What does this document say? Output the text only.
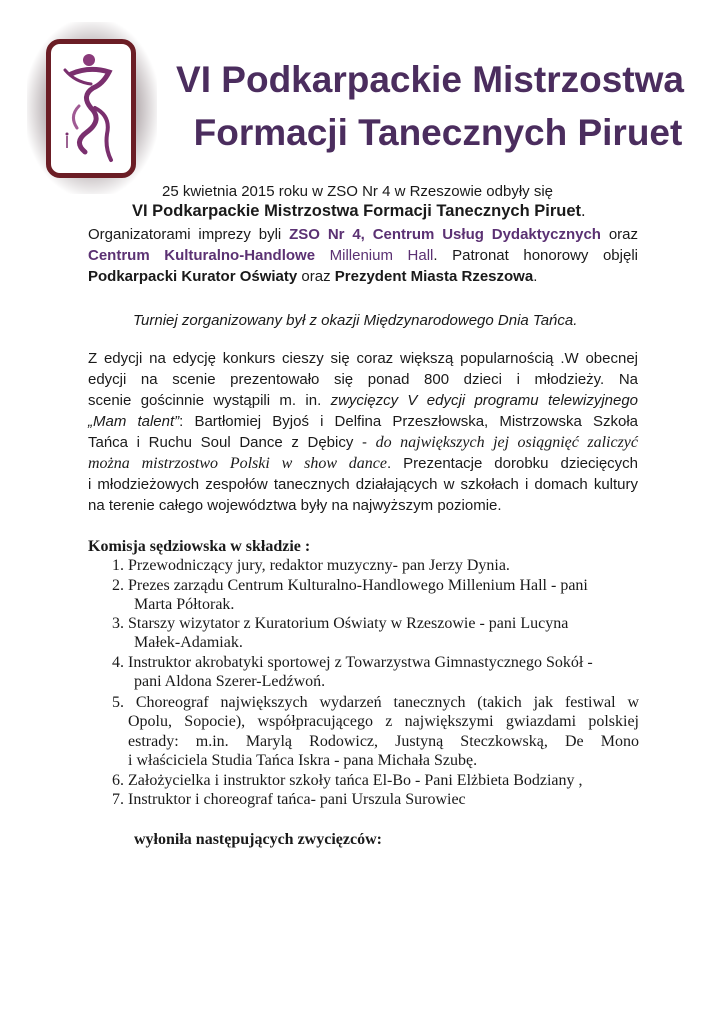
VI Podkarpackie Mistrzostwa
Formacji Tanecznych Piruet
25 kwietnia 2015 roku w ZSO Nr 4 w Rzeszowie odbyły się
VI Podkarpackie Mistrzostwa Formacji Tanecznych Piruet.
Organizatorami imprezy byli ZSO Nr 4, Centrum Usług Dydaktycznych oraz
Centrum Kulturalno-Handlowe Millenium Hall. Patronat honorowy objęli
Podkarpacki Kurator Oświaty oraz Prezydent Miasta Rzeszowa.
Turniej zorganizowany był z okazji Międzynarodowego Dnia Tańca.
Z edycji na edycję konkurs cieszy się coraz większą popularnością .W obecnej
edycji na scenie prezentowało się ponad 800 dzieci i młodzieży. Na
scenie gościnnie wystąpili m. in. zwycięzcy V edycji programu telewizyjnego
„Mam talent”: Bartłomiej Byjoś i Delfina Przeszłowska, Mistrzowska Szkoła
Tańca i Ruchu Soul Dance z Dębicy - do największych jej osiągnięć zaliczyć
można mistrzostwo Polski w show dance. Prezentacje dorobku dziecięcych
i młodzieżowych zespołów tanecznych działających w szkołach i domach kultury
na terenie całego województwa były na najwyższym poziomie.
Komisja sędziowska w składzie :
1. Przewodniczący jury, redaktor muzyczny- pan Jerzy Dynia.
2. Prezes zarządu Centrum Kulturalno-Handlowego Millenium Hall - pani
Marta Półtorak.
3. Starszy wizytator z Kuratorium Oświaty w Rzeszowie - pani Lucyna
Małek-Adamiak.
4. Instruktor akrobatyki sportowej z Towarzystwa Gimnastycznego Sokół -
pani Aldona Szerer-Ledźwoń.
5. Choreograf największych wydarzeń tanecznych (takich jak festiwal w
Opolu, Sopocie), współpracującego z największymi gwiazdami polskiej
estrady: m.in. Marylą Rodowicz, Justyną Steczkowską, De Mono
i właściciela Studia Tańca Iskra - pana Michała Szubę.
6. Założycielka i instruktor szkoły tańca El-Bo - Pani Elżbieta Bodziany ,
7. Instruktor i choreograf tańca- pani Urszula Surowiec
wyłoniła następujących zwycięzców:
